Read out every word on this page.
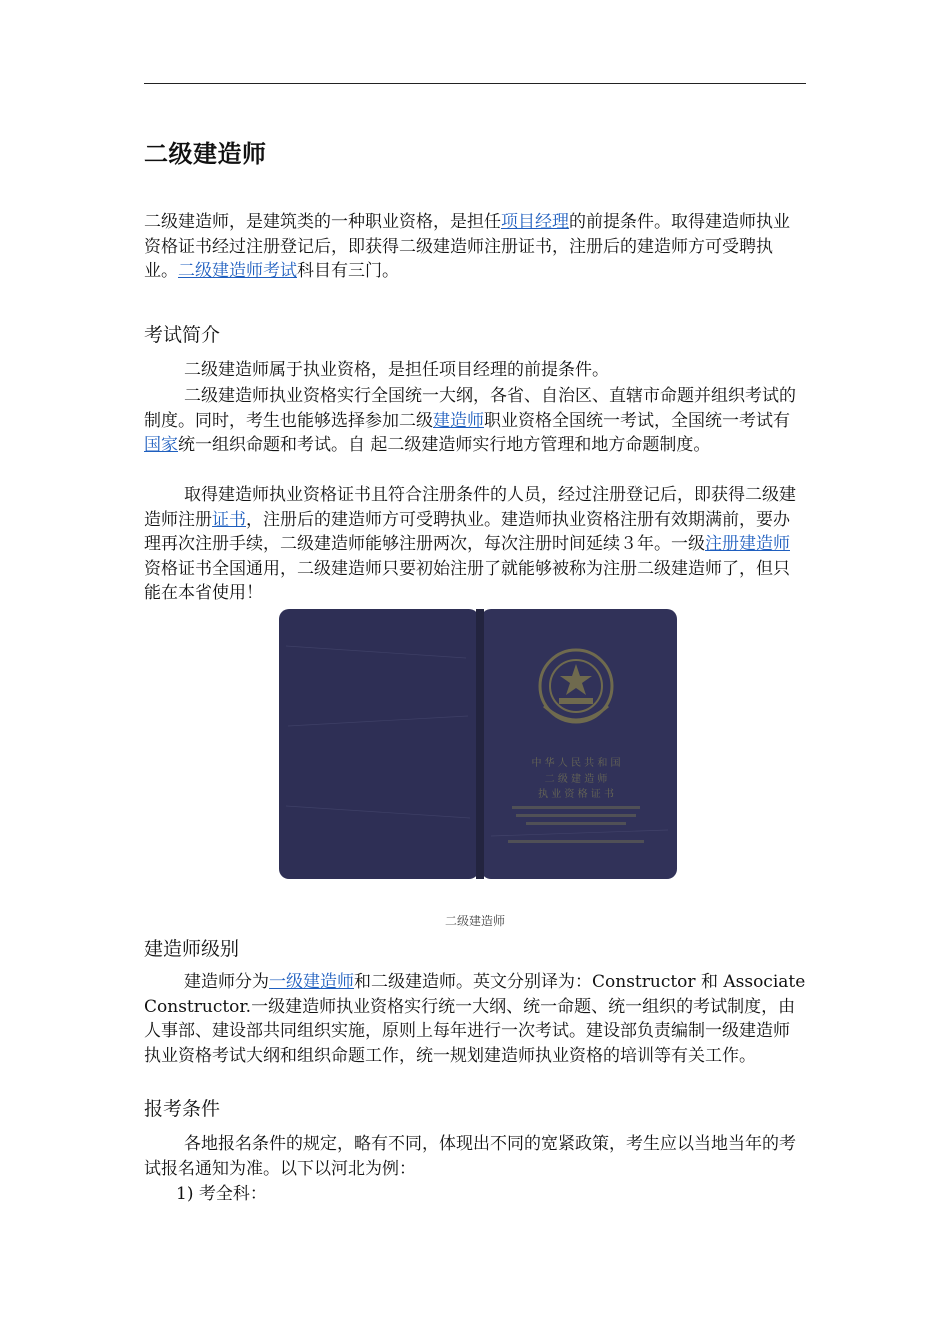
二级建造师

二级建造师，是建筑类的一种职业资格，是担任项目经理的前提条件。取得建造师执业资格证书经过注册登记后，即获得二级建造师注册证书，注册后的建造师方可受聘执业。二级建造师考试科目有三门。

考试简介

二级建造师属于执业资格，是担任项目经理的前提条件。

二级建造师执业资格实行全国统一大纲，各省、自治区、直辖市命题并组织考试的制度。同时，考生也能够选择参加二级建造师职业资格全国统一考试，全国统一考试有国家统一组织命题和考试。自 起二级建造师实行地方管理和地方命题制度。

取得建造师执业资格证书且符合注册条件的人员，经过注册登记后，即获得二级建造师注册证书，注册后的建造师方可受聘执业。建造师执业资格注册有效期满前，要办理再次注册手续，二级建造师能够注册两次，每次注册时间延续３年。一级注册建造师资格证书全国通用，二级建造师只要初始注册了就能够被称为注册二级建造师了，但只能在本省使用！

中 华 人 民 共 和 国
二 级 建 造 师
执 业 资 格 证 书
二级建造师
建造师级别

建造师分为一级建造师和二级建造师。英文分别译为：Constructor 和 Associate Constructor.一级建造师执业资格实行统一大纲、统一命题、统一组织的考试制度，由人事部、建设部共同组织实施，原则上每年进行一次考试。建设部负责编制一级建造师执业资格考试大纲和组织命题工作，统一规划建造师执业资格的培训等有关工作。

报考条件

各地报名条件的规定，略有不同，体现出不同的宽紧政策，考生应以当地当年的考试报名通知为准。以下以河北为例：

1) 考全科：
